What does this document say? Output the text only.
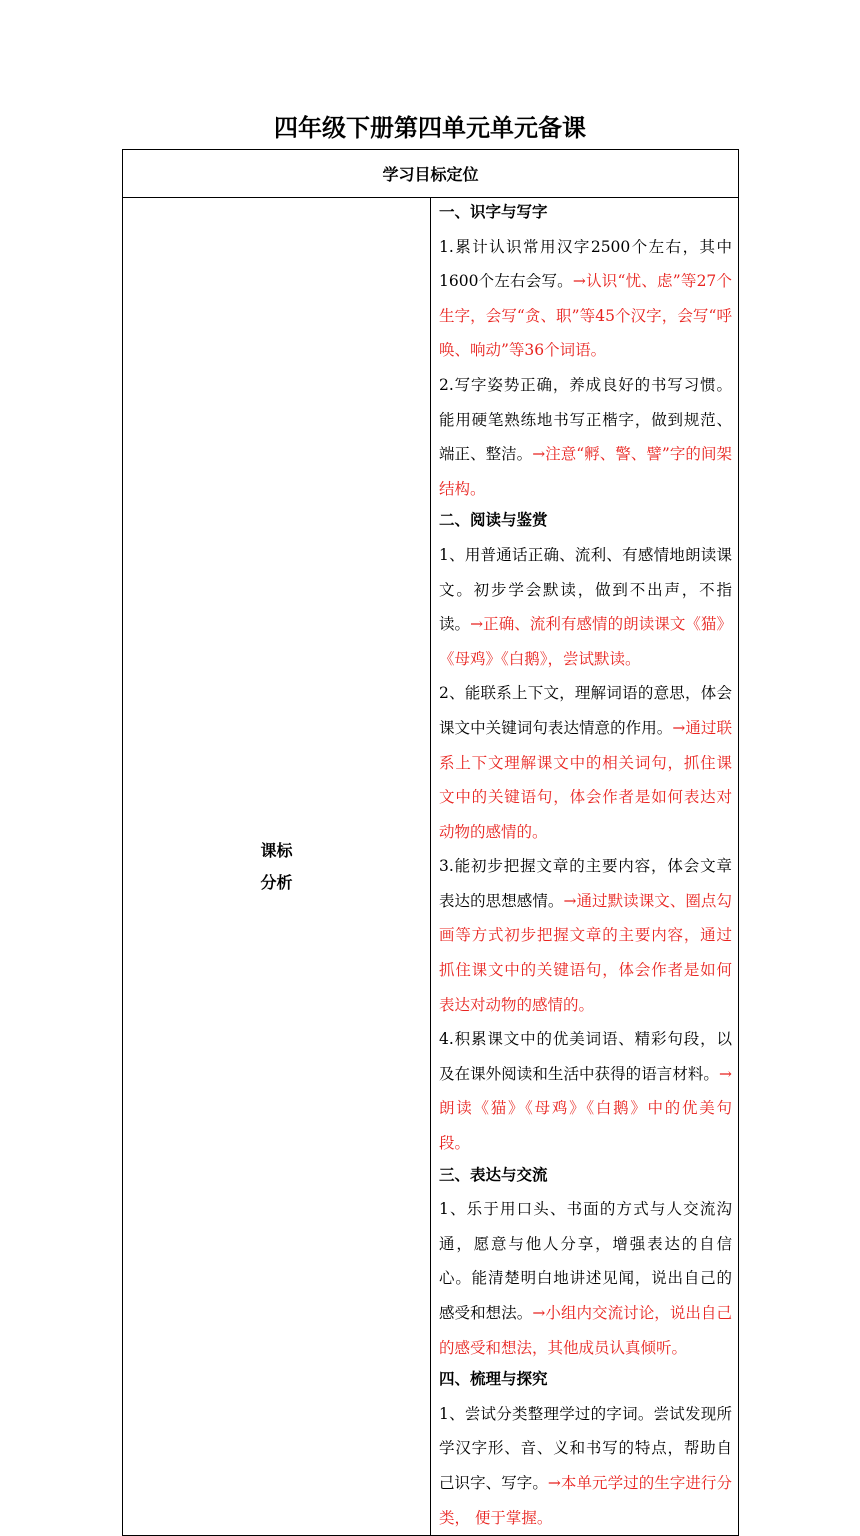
四年级下册第四单元单元备课
学习目标定位

课标
分析

一、识字与写字
1.累计认识常用汉字2500个左右，其中1600个左右会写。→认识“忧、虑”等27个生字，会写“贪、职”等45个汉字，会写“呼唤、响动”等36个词语。
2.写字姿势正确，养成良好的书写习惯。能用硬笔熟练地书写正楷字，做到规范、端正、整洁。→注意“孵、警、譬”字的间架结构。
二、阅读与鉴赏
1、用普通话正确、流利、有感情地朗读课文。初步学会默读，做到不出声，不指读。→正确、流利有感情的朗读课文《猫》《母鸡》《白鹅》，尝试默读。
2、能联系上下文，理解词语的意思，体会课文中关键词句表达情意的作用。→通过联系上下文理解课文中的相关词句，抓住课文中的关键语句，体会作者是如何表达对动物的感情的。
3.能初步把握文章的主要内容，体会文章表达的思想感情。→通过默读课文、圈点勾画等方式初步把握文章的主要内容，通过抓住课文中的关键语句，体会作者是如何表达对动物的感情的。
4.积累课文中的优美词语、精彩句段，以及在课外阅读和生活中获得的语言材料。→朗读《猫》《母鸡》《白鹅》中的优美句段。
三、表达与交流
1、乐于用口头、书面的方式与人交流沟通，愿意与他人分享，增强表达的自信心。能清楚明白地讲述见闻，说出自己的感受和想法。→小组内交流讨论，说出自己的感受和想法，其他成员认真倾听。
四、梳理与探究
1、尝试分类整理学过的字词。尝试发现所学汉字形、音、义和书写的特点，帮助自己识字、写字。→本单元学过的生字进行分类， 便于掌握。
